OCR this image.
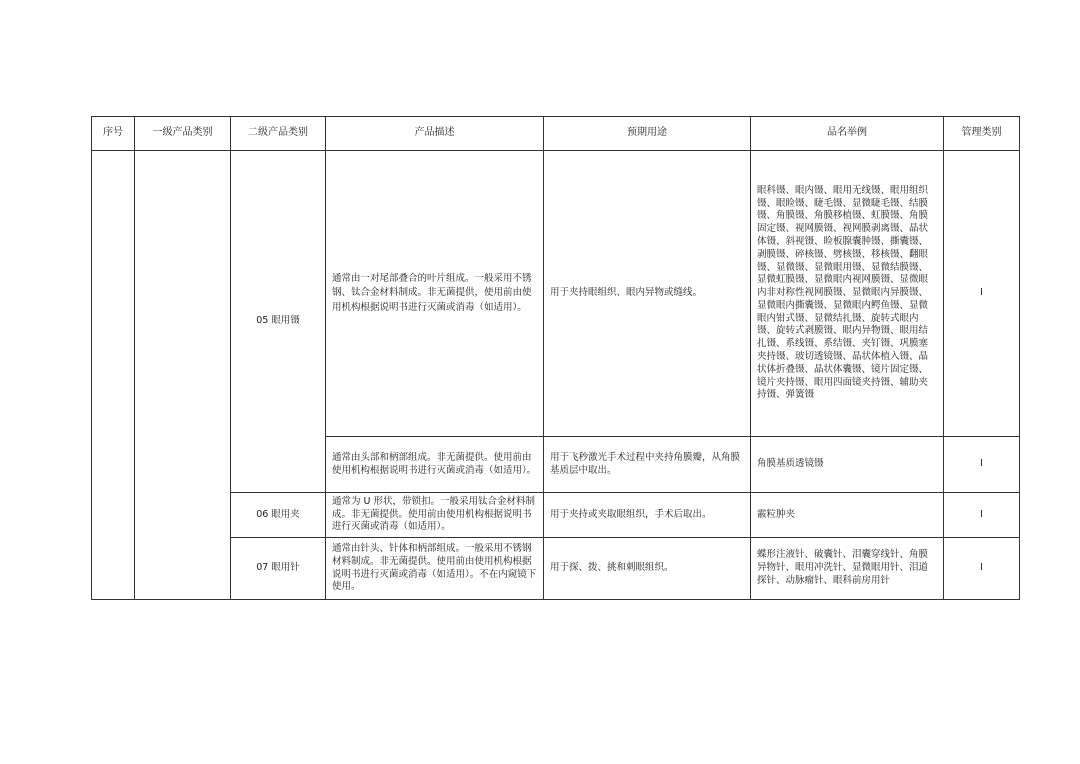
序号	一级产品类别	二级产品类别	产品描述	预期用途	品名举例	管理类别
		05 眼用镊	通常由一对尾部叠合的叶片组成。一般采用不锈钢、钛合金材料制成。非无菌提供，使用前由使用机构根据说明书进行灭菌或消毒（如适用）。	用于夹持眼组织、眼内异物或缝线。	眼科镊、眼内镊、眼用无线镊、眼用组织镊、眼睑镊、睫毛镊、显微睫毛镊、结膜镊、角膜镊、角膜移植镊、虹膜镊、角膜固定镊、视网膜镊、视网膜剥离镊、晶状体镊、斜视镊、睑板腺囊肿镊、撕囊镊、剥膜镊、碎核镊、劈核镊、移核镊、翻眼镊、显微镊、显微眼用镊、显微结膜镊、显微虹膜镊、显微眼内视网膜镊、显微眼内非对称性视网膜镊、显微眼内异膜镊、显微眼内撕囊镊、显微眼内鳄鱼镊、显微眼内钳式镊、显微结扎镊、旋转式眼内镊、旋转式剥膜镊、眼内异物镊、眼用结扎镊、系线镊、系结镊、夹钉镊、巩膜塞夹持镊、玻切透镜镊、晶状体植入镊、晶状体折叠镊、晶状体囊镊、镜片固定镊、镜片夹持镊、眼用四面镜夹持镊、辅助夹持镊、弹簧镊	I
			通常由头部和柄部组成。非无菌提供。使用前由使用机构根据说明书进行灭菌或消毒（如适用）。	用于飞秒激光手术过程中夹持角膜瓣，从角膜基质层中取出。	角膜基质透镜镊	I
		06 眼用夹	通常为 U 形状，带锁扣。一般采用钛合金材料制成。非无菌提供。使用前由使用机构根据说明书进行灭菌或消毒（如适用）。	用于夹持或夹取眼组织，手术后取出。	霰粒肿夹	I
		07 眼用针	通常由针头、针体和柄部组成。一般采用不锈钢材料制成。非无菌提供。使用前由使用机构根据说明书进行灭菌或消毒（如适用）。不在内窥镜下使用。	用于探、拨、挑和刺眼组织。	蝶形注液针、破囊针、泪囊穿线针、角膜异物针、眼用冲洗针、显微眼用针、泪道探针、动脉瘤针、眼科前房用针	I
